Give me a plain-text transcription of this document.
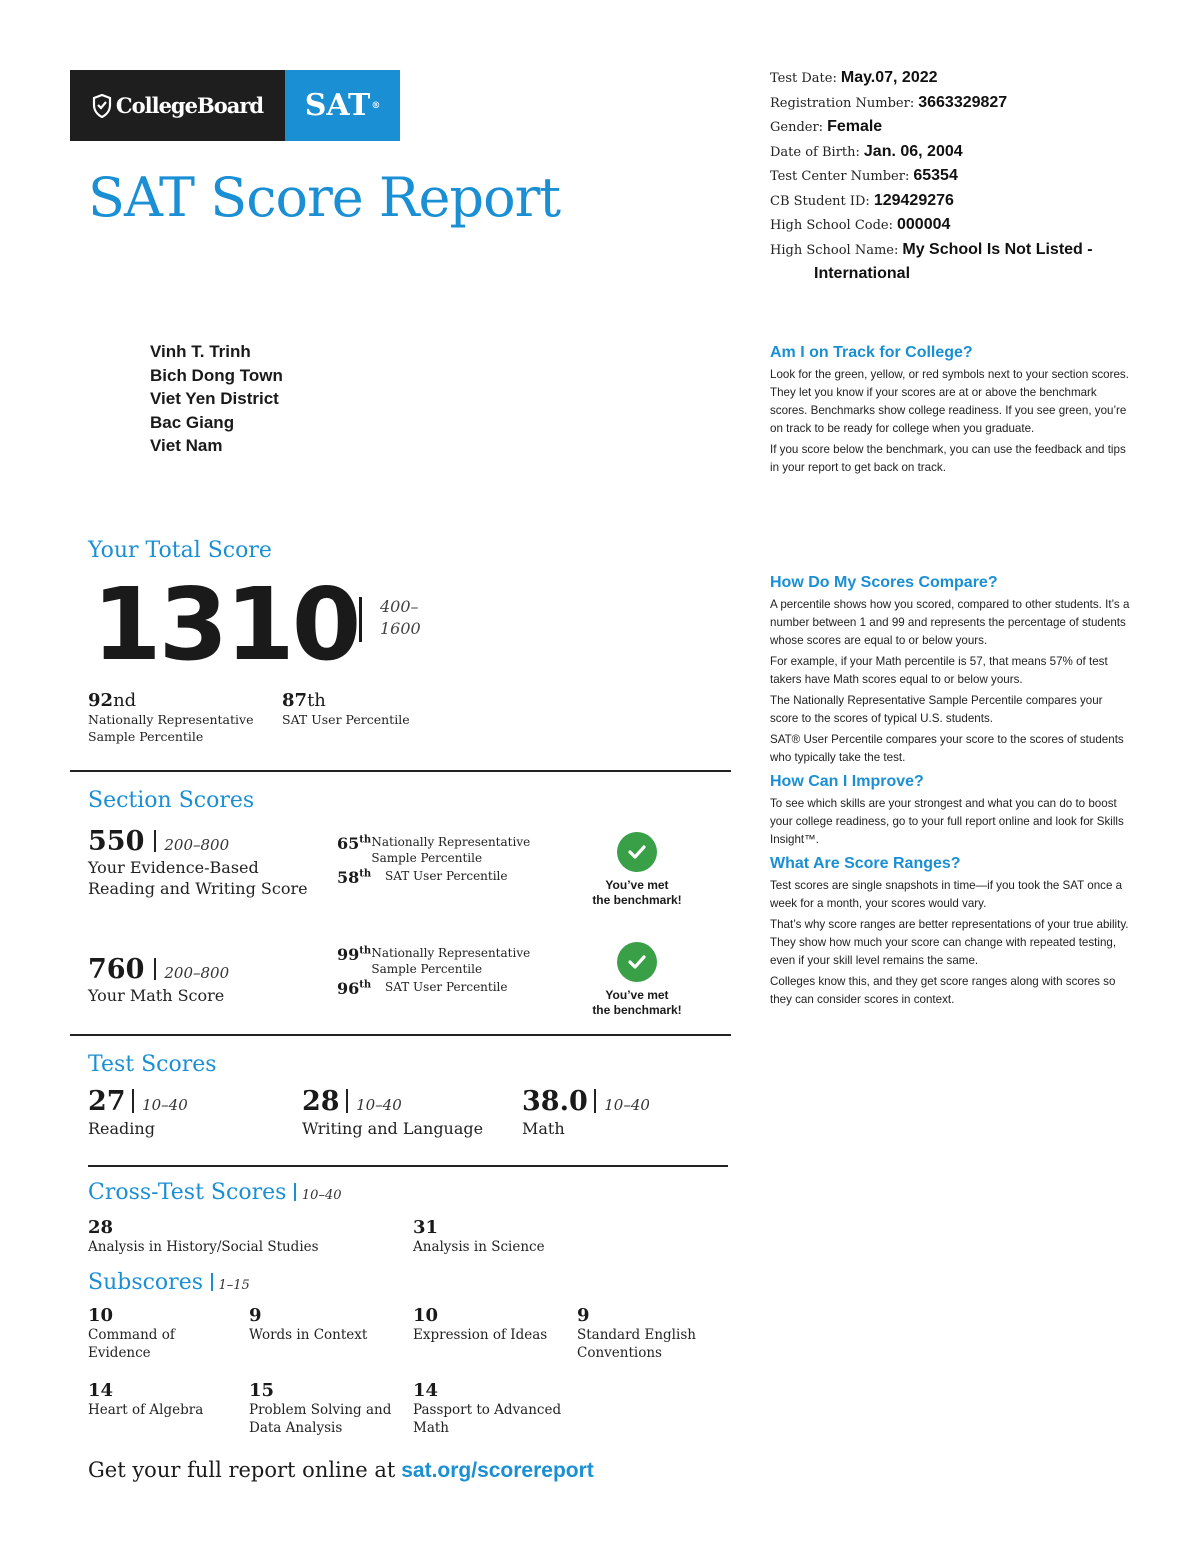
CollegeBoard SAT ®
SAT Score Report
Test Date: May.07, 2022
Registration Number: 3663329827
Gender: Female
Date of Birth: Jan. 06, 2004
Test Center Number: 65354
CB Student ID: 129429276
High School Code: 000004
High School Name: My School Is Not Listed -
International
Vinh T. Trinh
Bich Dong Town
Viet Yen District
Bac Giang
Viet Nam
Am I on Track for College?

Look for the green, yellow, or red symbols next to your section scores. They let you know if your scores are at or above the benchmark scores. Benchmarks show college readiness. If you see green, you’re on track to be ready for college when you graduate.

If you score below the benchmark, you can use the feedback and tips in your report to get back on track.

How Do My Scores Compare?

A percentile shows how you scored, compared to other students. It’s a number between 1 and 99 and represents the percentage of students whose scores are equal to or below yours.

For example, if your Math percentile is 57, that means 57% of test takers have Math scores equal to or below yours.

The Nationally Representative Sample Percentile compares your score to the scores of typical U.S. students.

SAT® User Percentile compares your score to the scores of students who typically take the test.

How Can I Improve?

To see which skills are your strongest and what you can do to boost your college readiness, go to your full report online and look for Skills Insight™.

What Are Score Ranges?

Test scores are single snapshots in time—if you took the SAT once a week for a month, your scores would vary.

That’s why score ranges are better representations of your true ability. They show how much your score can change with repeated testing, even if your skill level remains the same.

Colleges know this, and they get score ranges along with scores so they can consider scores in context.

Your Total Score
1310 400–
1600
92nd
Nationally Representative Sample Percentile
87th
SAT User Percentile
Section Scores
550 200–800
Your Evidence-Based Reading and Writing Score
65th Nationally Representative Sample Percentile
58th	SAT User Percentile
You’ve met
the benchmark!
760 200–800
Your Math Score
99th Nationally Representative Sample Percentile
96th	SAT User Percentile
You’ve met
the benchmark!
Test Scores
27 10–40
Reading
28 10–40
Writing and Language
38.0 10–40
Math
Cross-Test Scores 10–40
28
Analysis in History/Social Studies
31
Analysis in Science
Subscores 1–15
10
Command of Evidence
9
Words in Context
10
Expression of Ideas
9
Standard English Conventions
14
Heart of Algebra
15
Problem Solving and Data Analysis
14
Passport to Advanced Math
Get your full report online at sat.org/scorereport
